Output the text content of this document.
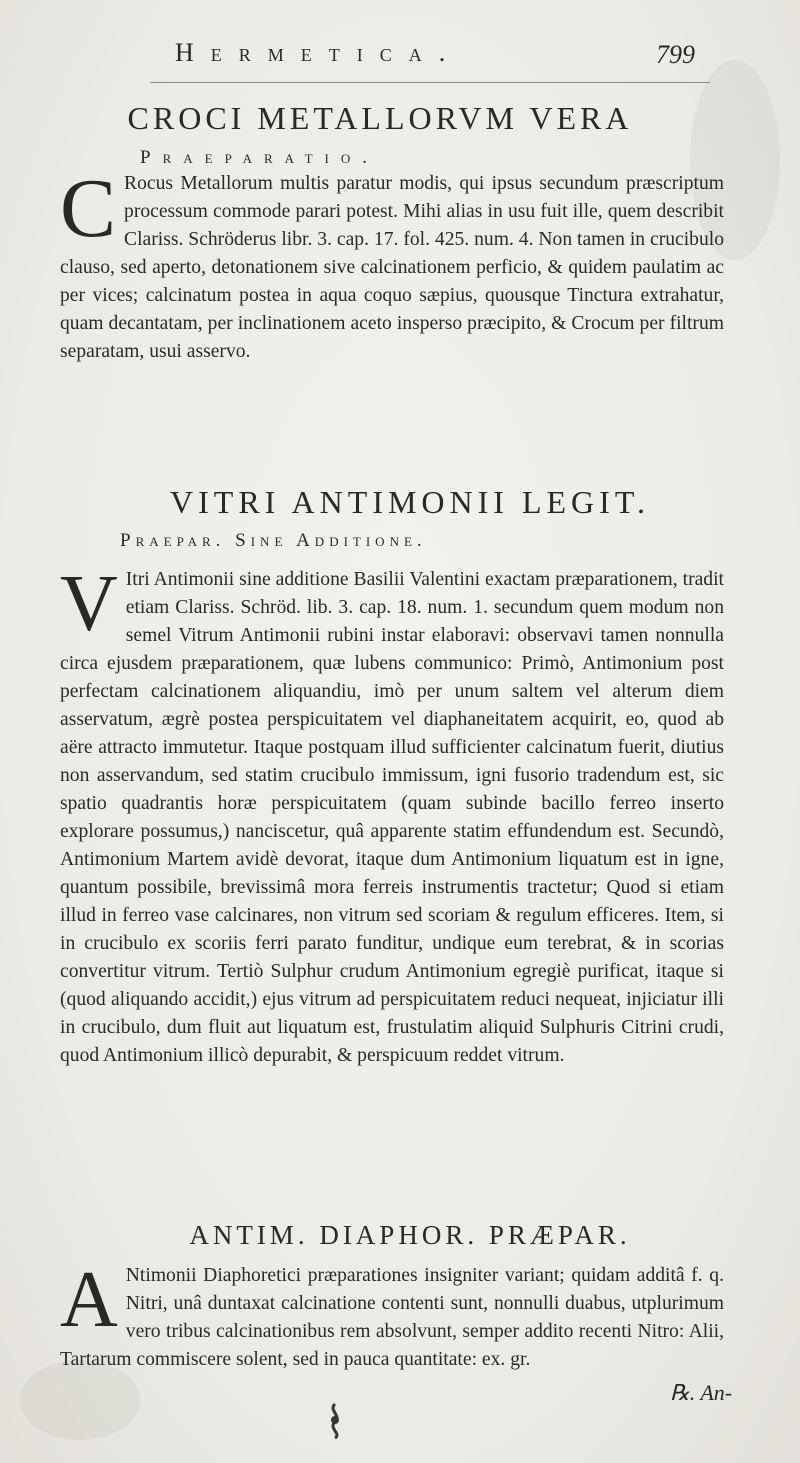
Hermetica.	799
CROCI METALLORVM VERA
Praeparatio.
C Rocus Metallorum multis paratur modis, qui ipsus secundum præscriptum processum commode parari potest. Mihi alias in usu fuit ille, quem describit Clariss. Schröderus libr. 3. cap. 17. fol. 425. num. 4. Non tamen in crucibulo clauso, sed aperto, detonationem sive calcinationem perficio, & quidem paulatim ac per vices; calcinatum postea in aqua coquo sæpius, quousque Tinctura extrahatur, quam decantatam, per inclinationem aceto insperso præcipito, & Crocum per filtrum separatam, usui asservo.
VITRI ANTIMONII LEGIT.
Praepar. Sine Additione.
V Itri Antimonii sine additione Basilii Valentini exactam præparationem, tradit etiam Clariss. Schröd. lib. 3. cap. 18. num. 1. secundum quem modum non semel Vitrum Antimonii rubini instar elaboravi: observavi tamen nonnulla circa ejusdem præparationem, quæ lubens communico: Primò, Antimonium post perfectam calcinationem aliquandiu, imò per unum saltem vel alterum diem asservatum, ægrè postea perspicuitatem vel diaphaneitatem acquirit, eo, quod ab aëre attracto immutetur. Itaque postquam illud sufficienter calcinatum fuerit, diutius non asservandum, sed statim crucibulo immissum, igni fusorio tradendum est, sic spatio quadrantis horæ perspicuitatem (quam subinde bacillo ferreo inserto explorare possumus,) nanciscetur, quâ apparente statim effundendum est. Secundò, Antimonium Martem avidè devorat, itaque dum Antimonium liquatum est in igne, quantum possibile, brevissimâ mora ferreis instrumentis tractetur; Quod si etiam illud in ferreo vase calcinares, non vitrum sed scoriam & regulum efficeres. Item, si in crucibulo ex scoriis ferri parato funditur, undique eum terebrat, & in scorias convertitur vitrum. Tertiò Sulphur crudum Antimonium egregiè purificat, itaque si (quod aliquando accidit,) ejus vitrum ad perspicuitatem reduci nequeat, injiciatur illi in crucibulo, dum fluit aut liquatum est, frustulatim aliquid Sulphuris Citrini crudi, quod Antimonium illicò depurabit, & perspicuum reddet vitrum.
ANTIM. DIAPHOR. PRÆPAR.
A Ntimonii Diaphoretici præparationes insigniter variant; quidam additâ f. q. Nitri, unâ duntaxat calcinatione contenti sunt, nonnulli duabus, utplurimum vero tribus calcinationibus rem absolvunt, semper addito recenti Nitro: Alii, Tartarum commiscere solent, sed in pauca quantitate: ex. gr.
℞. An-
